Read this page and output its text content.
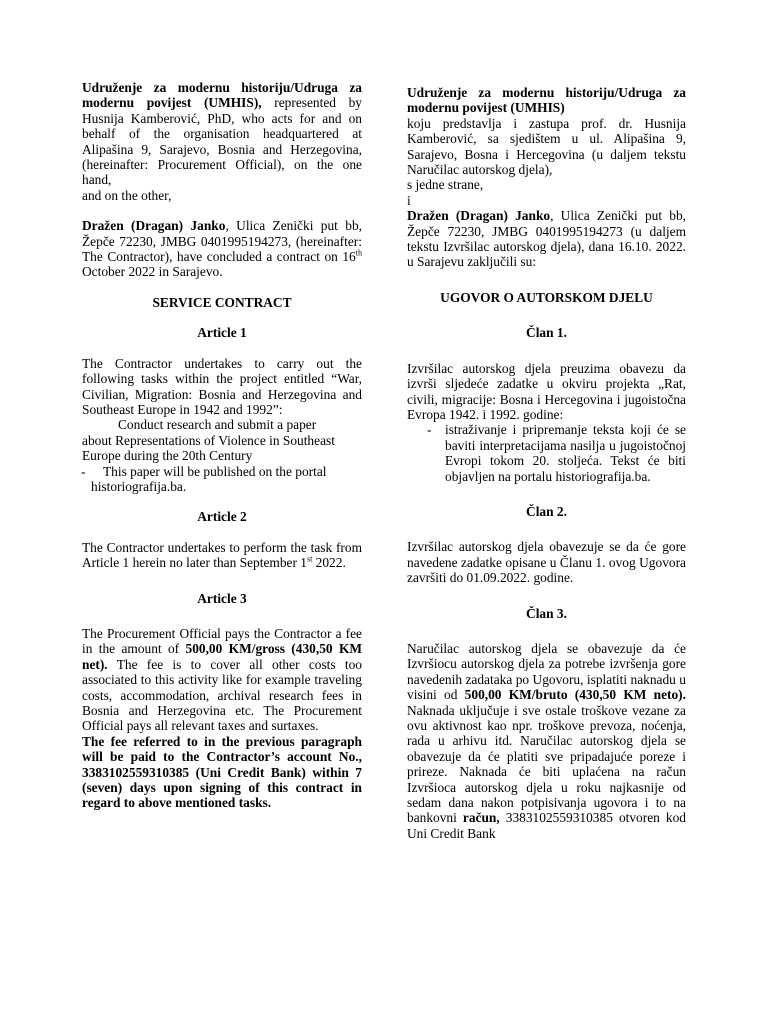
Udruženje za modernu historiju/Udruga za modernu povijest (UMHIS), represented by Husnija Kamberović, PhD, who acts for and on behalf of the organisation headquartered at Alipašina 9, Sarajevo, Bosnia and Herzegovina, (hereinafter: Procurement Official), on the one hand,

and on the other,

Dražen (Dragan) Janko, Ulica Zenički put bb, Žepče 72230, JMBG 0401995194273, (hereinafter: The Contractor), have concluded a contract on 16th October 2022 in Sarajevo.

SERVICE CONTRACT

Article 1

The Contractor undertakes to carry out the following tasks within the project entitled “War, Civilian, Migration: Bosnia and Herzegovina and Southeast Europe in 1942 and 1992”:

Conduct research and submit a paper

about Representations of Violence in Southeast Europe during the 20th Century

- This paper will be published on the portal historiografija.ba.

Article 2

The Contractor undertakes to perform the task from Article 1 herein no later than September 1st 2022.

Article 3

The Procurement Official pays the Contractor a fee in the amount of 500,00 KM/gross (430,50 KM net). The fee is to cover all other costs too associated to this activity like for example traveling costs, accommodation, archival research fees in Bosnia and Herzegovina etc. The Procurement Official pays all relevant taxes and surtaxes.

The fee referred to in the previous paragraph will be paid to the Contractor’s account No., 3383102559310385 (Uni Credit Bank) within 7 (seven) days upon signing of this contract in regard to above mentioned tasks.

Udruženje za modernu historiju/Udruga za modernu povijest (UMHIS)

koju predstavlja i zastupa prof. dr. Husnija Kamberović, sa sjedištem u ul. Alipašina 9, Sarajevo, Bosna i Hercegovina (u daljem tekstu Naručilac autorskog djela),

s jedne strane,

i

Dražen (Dragan) Janko, Ulica Zenički put bb, Žepče 72230, JMBG 0401995194273 (u daljem tekstu Izvršilac autorskog djela), dana 16.10. 2022. u Sarajevu zaključili su:

UGOVOR O AUTORSKOM DJELU

Član 1.

Izvršilac autorskog djela preuzima obavezu da izvrši sljedeće zadatke u okviru projekta „Rat, civili, migracije: Bosna i Hercegovina i jugoistočna Evropa 1942. i 1992. godine:

- istraživanje i pripremanje teksta koji će se baviti interpretacijama nasilja u jugoistočnoj Evropi tokom 20. stoljeća. Tekst će biti objavljen na portalu historiografija.ba.

Član 2.

Izvršilac autorskog djela obavezuje se da će gore navedene zadatke opisane u Članu 1. ovog Ugovora završiti do 01.09.2022. godine.

Član 3.

Naručilac autorskog djela se obavezuje da će Izvršiocu autorskog djela za potrebe izvršenja gore navedenih zadataka po Ugovoru, isplatiti naknadu u visini od 500,00 KM/bruto (430,50 KM neto). Naknada uključuje i sve ostale troškove vezane za ovu aktivnost kao npr. troškove prevoza, noćenja, rada u arhivu itd. Naručilac autorskog djela se obavezuje da će platiti sve pripadajuće poreze i prireze. Naknada će biti uplaćena na račun Izvršioca autorskog djela u roku najkasnije od sedam dana nakon potpisivanja ugovora i to na bankovni račun, 3383102559310385 otvoren kod Uni Credit Bank
